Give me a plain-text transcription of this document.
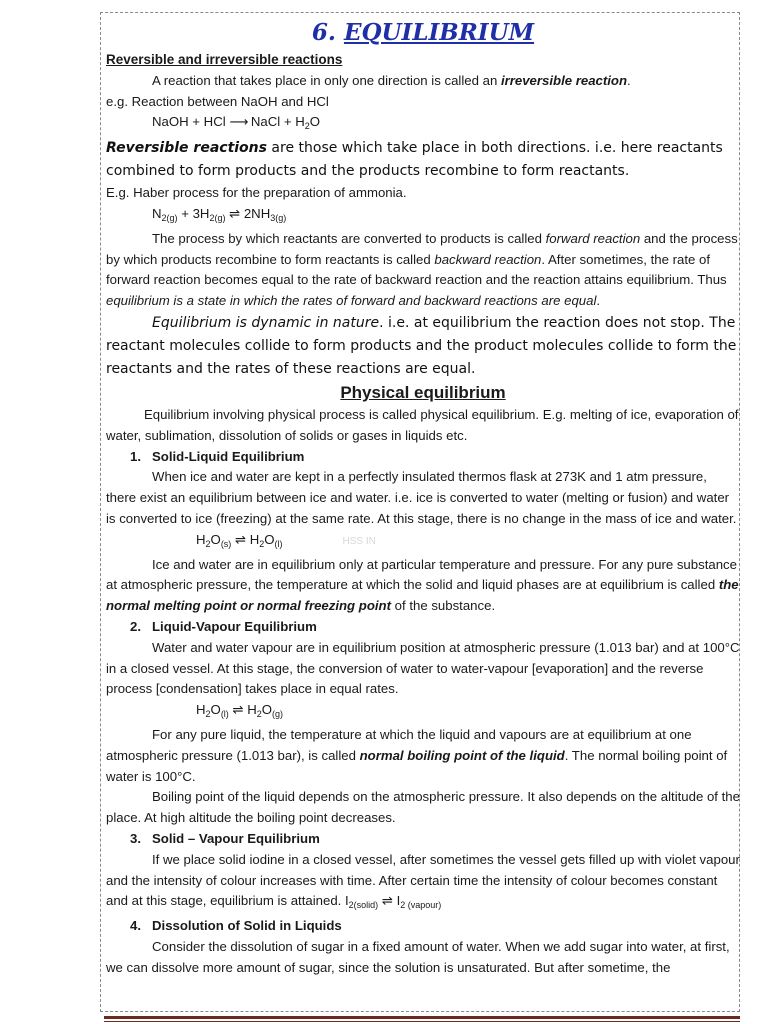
6. EQUILIBRIUM
Reversible and irreversible reactions

A reaction that takes place in only one direction is called an irreversible reaction.

e.g. Reaction between NaOH and HCl

NaOH + HCl ⟶ NaCl + $H_2O$

Reversible reactions are those which take place in both directions. i.e. here reactants combined to form products and the products recombine to form reactants.

E.g. Haber process for the preparation of ammonia.

$N_{2(g)} + 3H_{2(g)}$ ⇌ $2NH_{3(g)}$

The process by which reactants are converted to products is called forward reaction and the process by which products recombine to form reactants is called backward reaction. After sometimes, the rate of forward reaction becomes equal to the rate of backward reaction and the reaction attains equilibrium. Thus equilibrium is a state in which the rates of forward and backward reactions are equal.

Equilibrium is dynamic in nature. i.e. at equilibrium the reaction does not stop. The reactant molecules collide to form products and the product molecules collide to form the reactants and the rates of these reactions are equal.

Physical equilibrium

Equilibrium involving physical process is called physical equilibrium. E.g. melting of ice, evaporation of water, sublimation, dissolution of solids or gases in liquids etc.

1. Solid-Liquid Equilibrium

When ice and water are kept in a perfectly insulated thermos flask at 273K and 1 atm pressure, there exist an equilibrium between ice and water. i.e. ice is converted to water (melting or fusion) and water is converted to ice (freezing) at the same rate. At this stage, there is no change in the mass of ice and water.

$H_2O_{(s)}$ ⇌ $H_2O_{(l)}$	HSS IN

Ice and water are in equilibrium only at particular temperature and pressure. For any pure substance at atmospheric pressure, the temperature at which the solid and liquid phases are at equilibrium is called the normal melting point or normal freezing point of the substance.

2. Liquid-Vapour Equilibrium

Water and water vapour are in equilibrium position at atmospheric pressure (1.013 bar) and at 100°C in a closed vessel. At this stage, the conversion of water to water-vapour [evaporation] and the reverse process [condensation] takes place in equal rates.

$H_2O_{(l)}$ ⇌ $H_2O_{(g)}$

For any pure liquid, the temperature at which the liquid and vapours are at equilibrium at one atmospheric pressure (1.013 bar), is called normal boiling point of the liquid. The normal boiling point of water is 100°C.

Boiling point of the liquid depends on the atmospheric pressure. It also depends on the altitude of the place. At high altitude the boiling point decreases.

3. Solid – Vapour Equilibrium

If we place solid iodine in a closed vessel, after sometimes the vessel gets filled up with violet vapour and the intensity of colour increases with time. After certain time the intensity of colour becomes constant and at this stage, equilibrium is attained. $I_{2(solid)}$ ⇌ $I_{2 (vapour)}$

4. Dissolution of Solid in Liquids

Consider the dissolution of sugar in a fixed amount of water. When we add sugar into water, at first, we can dissolve more amount of sugar, since the solution is unsaturated. But after sometime, the
